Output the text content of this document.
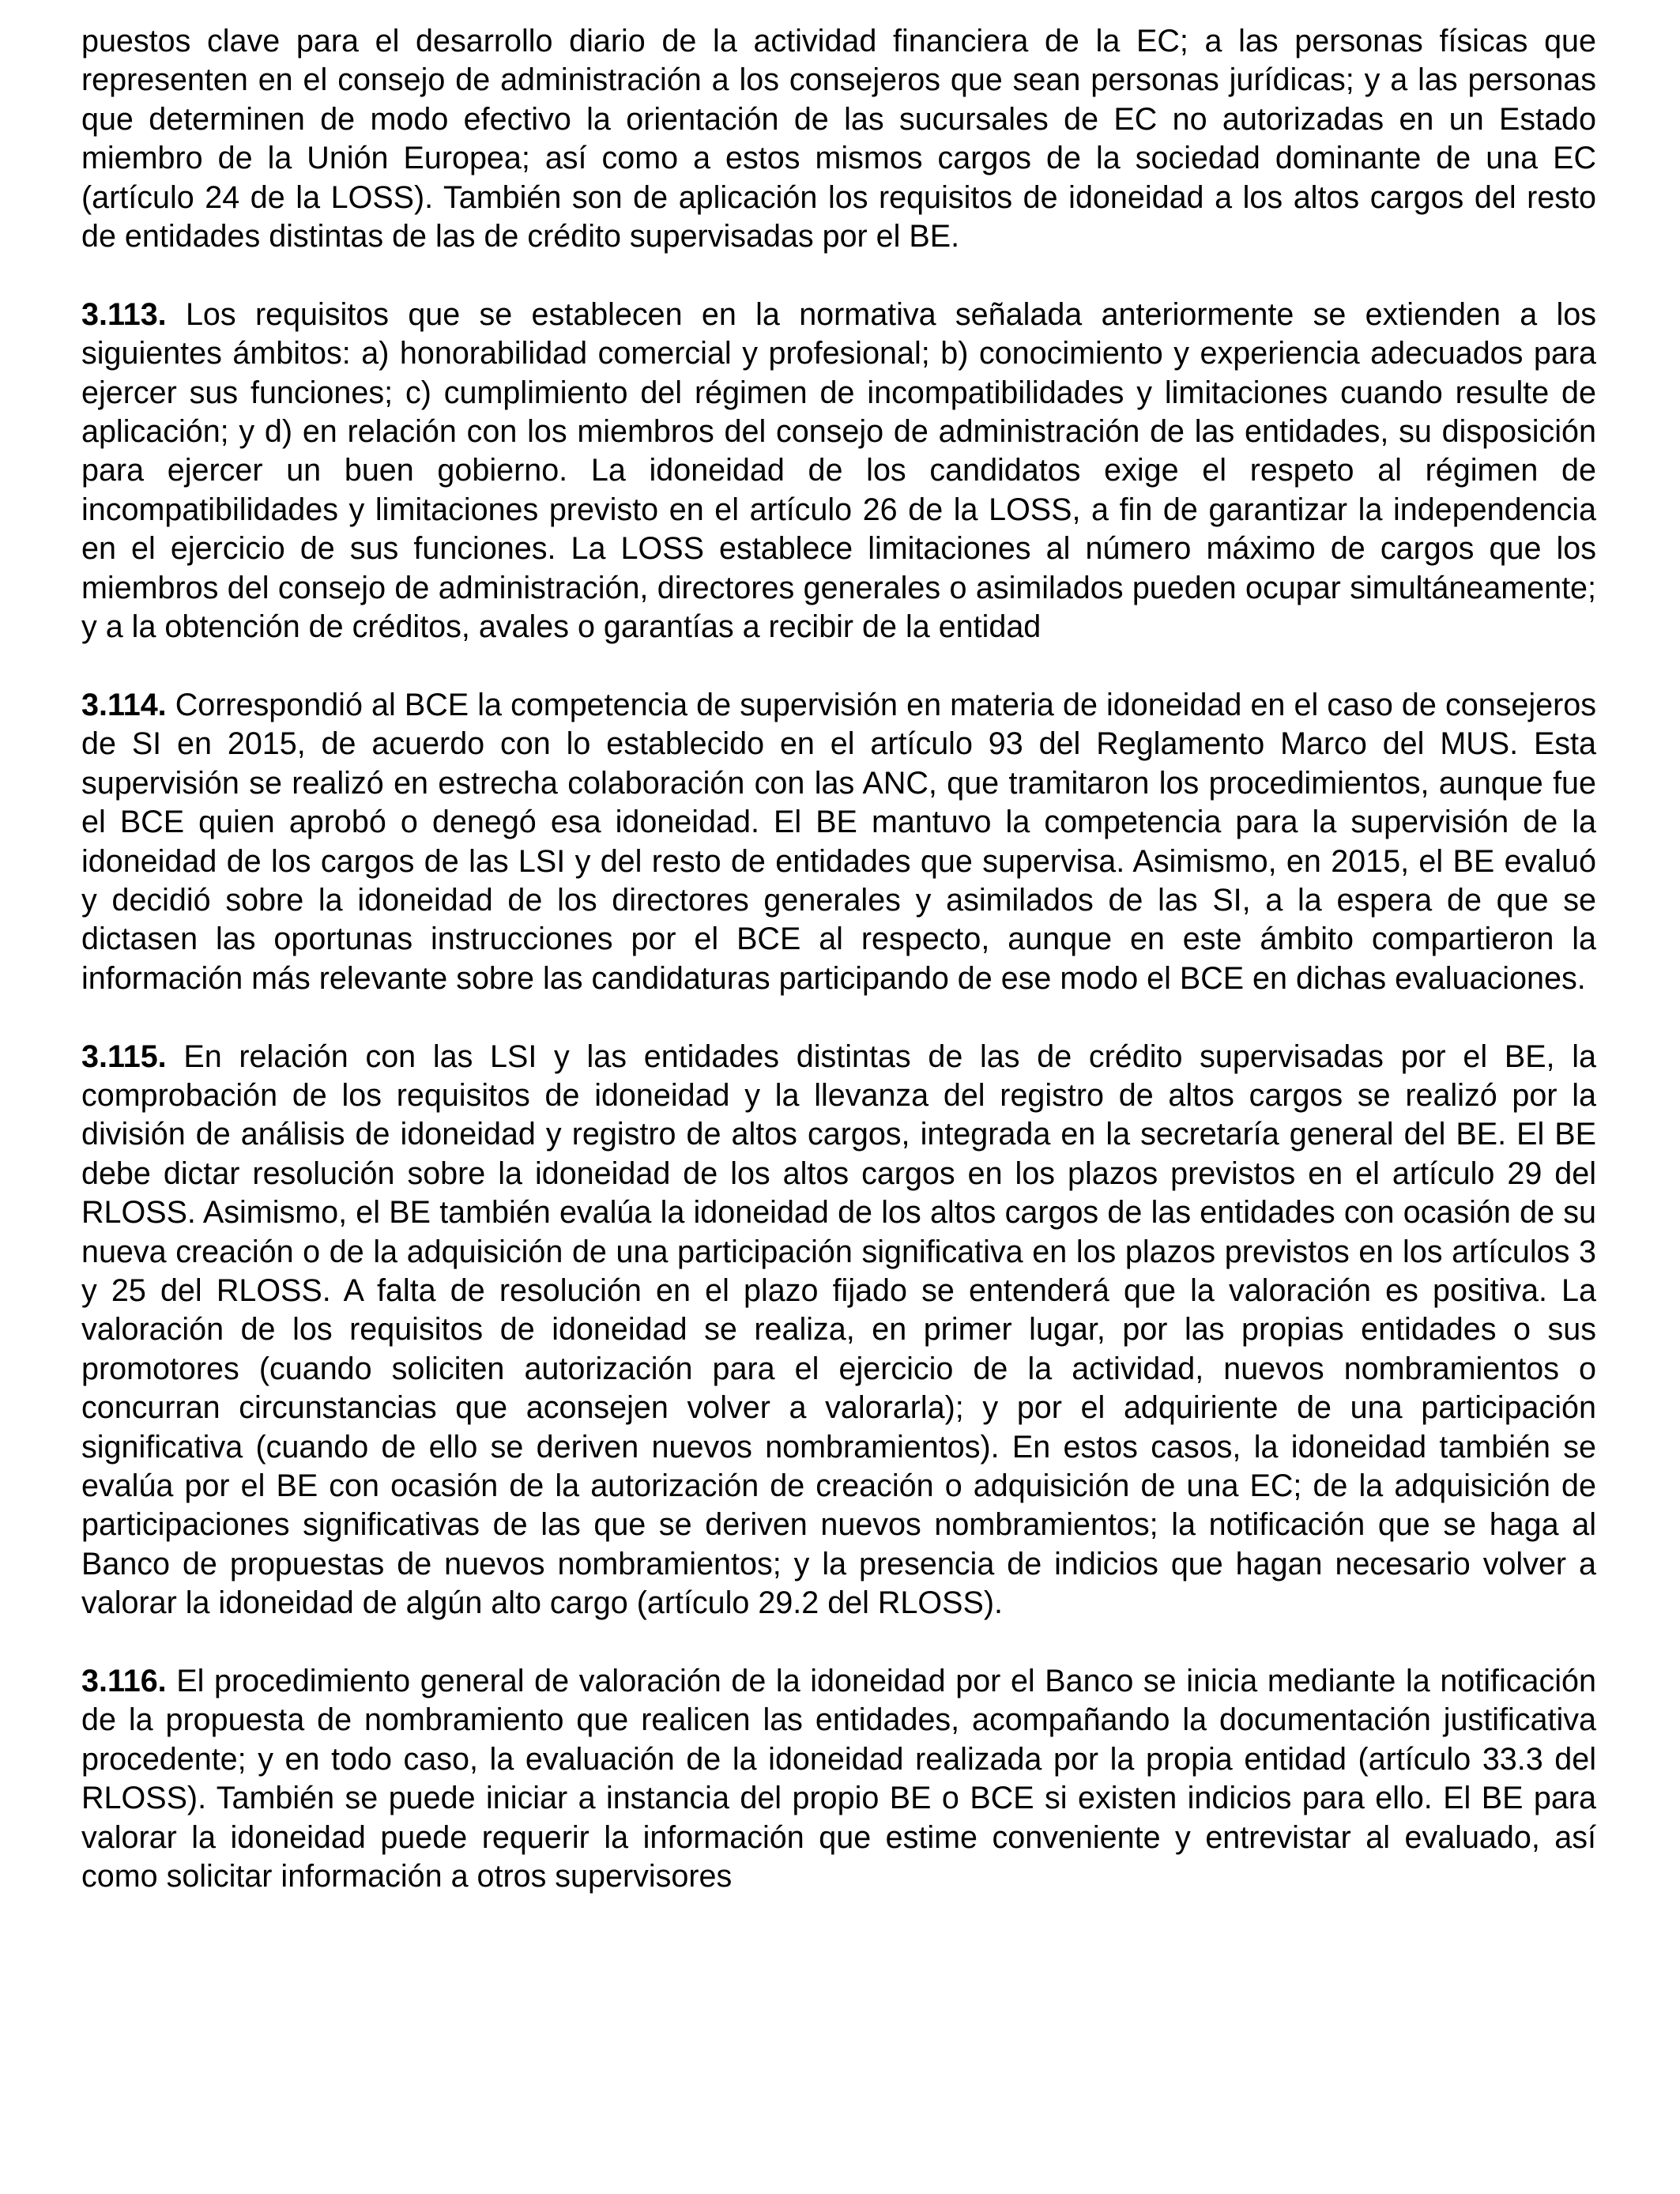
puestos clave para el desarrollo diario de la actividad financiera de la EC; a las personas físicas que representen en el consejo de administración a los consejeros que sean personas jurídicas; y a las personas que determinen de modo efectivo la orientación de las sucursales de EC no autorizadas en un Estado miembro de la Unión Europea; así como a estos mismos cargos de la sociedad dominante de una EC (artículo 24 de la LOSS). También son de aplicación los requisitos de idoneidad a los altos cargos del resto de entidades distintas de las de crédito supervisadas por el BE.

3.113. Los requisitos que se establecen en la normativa señalada anteriormente se extienden a los siguientes ámbitos: a) honorabilidad comercial y profesional; b) conocimiento y experiencia adecuados para ejercer sus funciones; c) cumplimiento del régimen de incompatibilidades y limitaciones cuando resulte de aplicación; y d) en relación con los miembros del consejo de administración de las entidades, su disposición para ejercer un buen gobierno. La idoneidad de los candidatos exige el respeto al régimen de incompatibilidades y limitaciones previsto en el artículo 26 de la LOSS, a fin de garantizar la independencia en el ejercicio de sus funciones. La LOSS establece limitaciones al número máximo de cargos que los miembros del consejo de administración, directores generales o asimilados pueden ocupar simultáneamente; y a la obtención de créditos, avales o garantías a recibir de la entidad

3.114. Correspondió al BCE la competencia de supervisión en materia de idoneidad en el caso de consejeros de SI en 2015, de acuerdo con lo establecido en el artículo 93 del Reglamento Marco del MUS. Esta supervisión se realizó en estrecha colaboración con las ANC, que tramitaron los procedimientos, aunque fue el BCE quien aprobó o denegó esa idoneidad. El BE mantuvo la competencia para la supervisión de la idoneidad de los cargos de las LSI y del resto de entidades que supervisa. Asimismo, en 2015, el BE evaluó y decidió sobre la idoneidad de los directores generales y asimilados de las SI, a la espera de que se dictasen las oportunas instrucciones por el BCE al respecto, aunque en este ámbito compartieron la información más relevante sobre las candidaturas participando de ese modo el BCE en dichas evaluaciones.

3.115. En relación con las LSI y las entidades distintas de las de crédito supervisadas por el BE, la comprobación de los requisitos de idoneidad y la llevanza del registro de altos cargos se realizó por la división de análisis de idoneidad y registro de altos cargos, integrada en la secretaría general del BE. El BE debe dictar resolución sobre la idoneidad de los altos cargos en los plazos previstos en el artículo 29 del RLOSS. Asimismo, el BE también evalúa la idoneidad de los altos cargos de las entidades con ocasión de su nueva creación o de la adquisición de una participación significativa en los plazos previstos en los artículos 3 y 25 del RLOSS. A falta de resolución en el plazo fijado se entenderá que la valoración es positiva. La valoración de los requisitos de idoneidad se realiza, en primer lugar, por las propias entidades o sus promotores (cuando soliciten autorización para el ejercicio de la actividad, nuevos nombramientos o concurran circunstancias que aconsejen volver a valorarla); y por el adquiriente de una participación significativa (cuando de ello se deriven nuevos nombramientos). En estos casos, la idoneidad también se evalúa por el BE con ocasión de la autorización de creación o adquisición de una EC; de la adquisición de participaciones significativas de las que se deriven nuevos nombramientos; la notificación que se haga al Banco de propuestas de nuevos nombramientos; y la presencia de indicios que hagan necesario volver a valorar la idoneidad de algún alto cargo (artículo 29.2 del RLOSS).

3.116. El procedimiento general de valoración de la idoneidad por el Banco se inicia mediante la notificación de la propuesta de nombramiento que realicen las entidades, acompañando la documentación justificativa procedente; y en todo caso, la evaluación de la idoneidad realizada por la propia entidad (artículo 33.3 del RLOSS). También se puede iniciar a instancia del propio BE o BCE si existen indicios para ello. El BE para valorar la idoneidad puede requerir la información que estime conveniente y entrevistar al evaluado, así como solicitar información a otros supervisores
